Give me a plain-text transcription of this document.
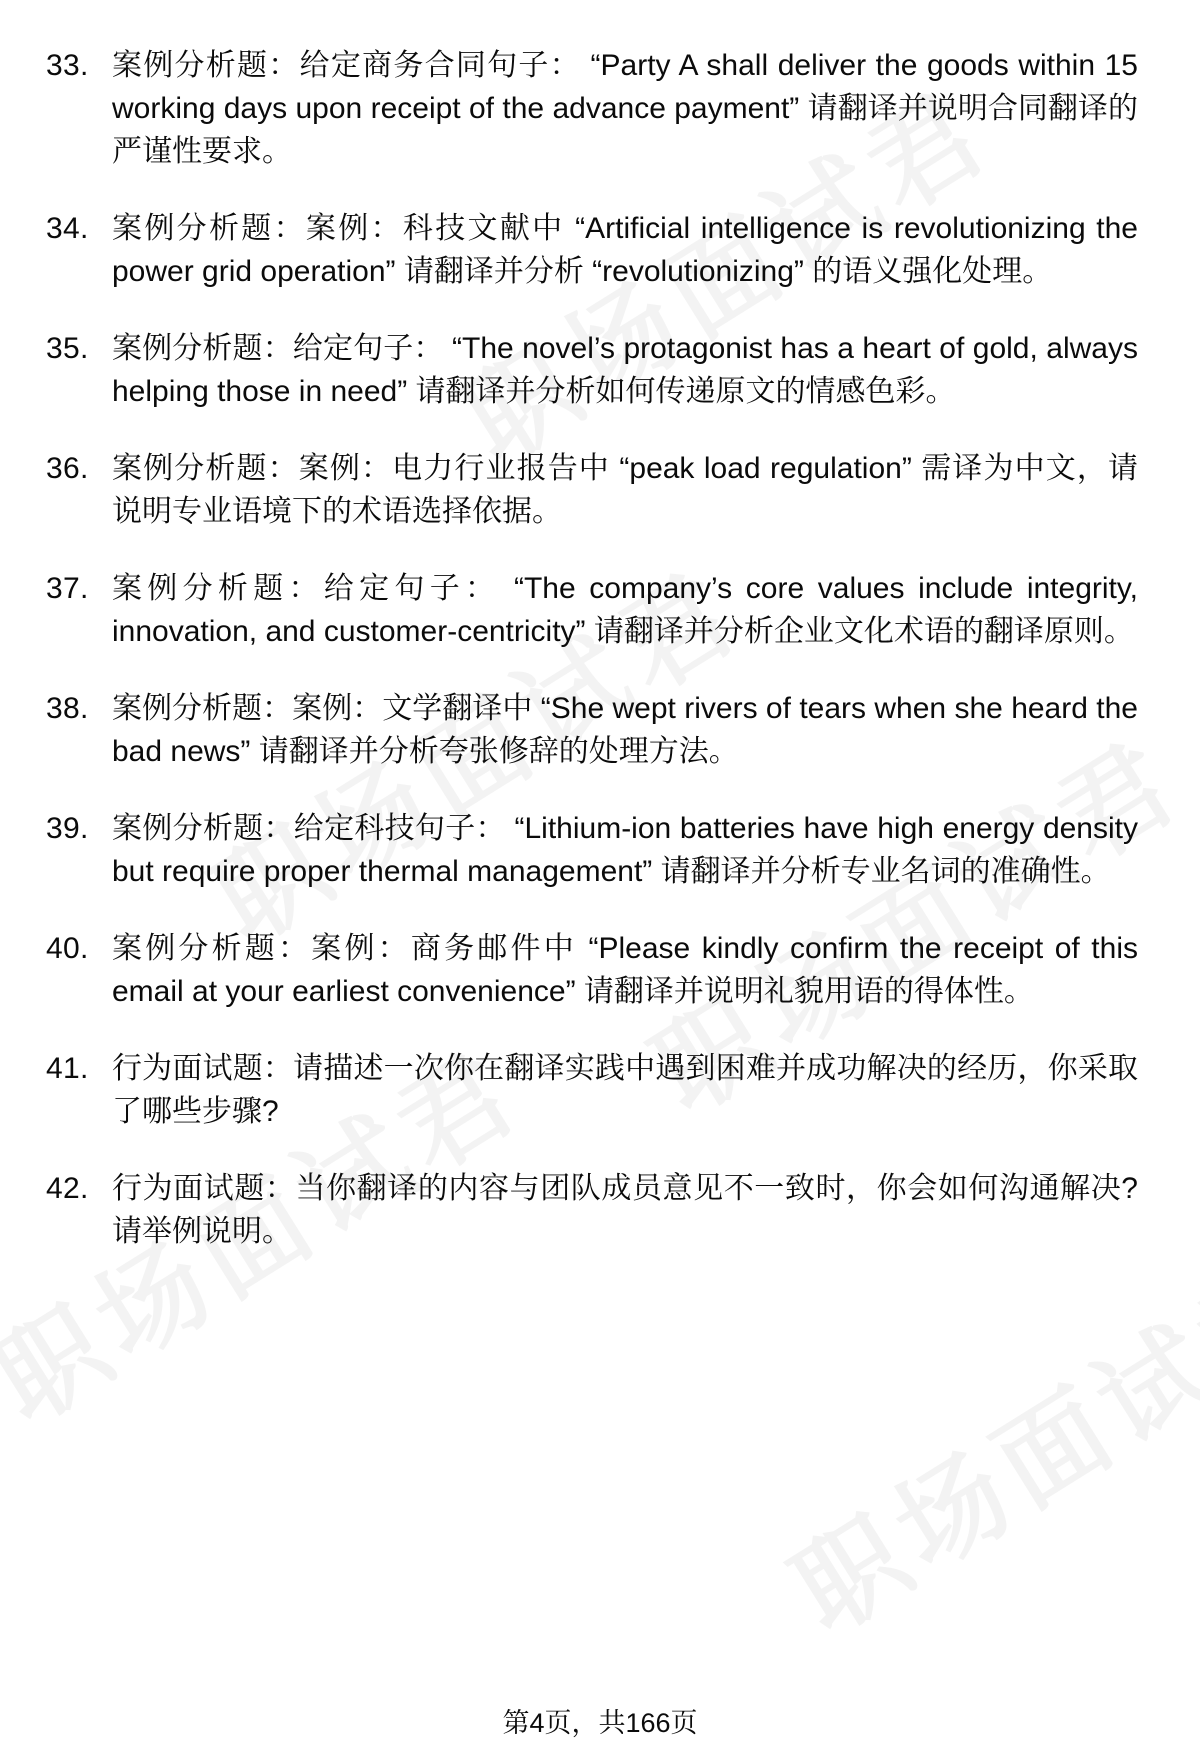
33. 案例分析题：给定商务合同句子： “Party A shall deliver the goods within 15 working days upon receipt of the advance payment” 请翻译并说明合同翻译的严谨性要求。
34. 案例分析题：案例：科技文献中 “Artificial intelligence is revolutionizing the power grid operation” 请翻译并分析 “revolutionizing” 的语义强化处理。
35. 案例分析题：给定句子： “The novel’s protagonist has a heart of gold, always helping those in need” 请翻译并分析如何传递原文的情感色彩。
36. 案例分析题：案例：电力行业报告中 “peak load regulation” 需译为中文，请说明专业语境下的术语选择依据。
37. 案例分析题：给定句子： “The company’s core values include integrity, innovation, and customer-centricity” 请翻译并分析企业文化术语的翻译原则。
38. 案例分析题：案例：文学翻译中 “She wept rivers of tears when she heard the bad news” 请翻译并分析夸张修辞的处理方法。
39. 案例分析题：给定科技句子： “Lithium-ion batteries have high energy density but require proper thermal management” 请翻译并分析专业名词的准确性。
40. 案例分析题：案例：商务邮件中 “Please kindly confirm the receipt of this email at your earliest convenience” 请翻译并说明礼貌用语的得体性。
41. 行为面试题：请描述一次你在翻译实践中遇到困难并成功解决的经历，你采取了哪些步骤?
42. 行为面试题：当你翻译的内容与团队成员意见不一致时，你会如何沟通解决? 请举例说明。
第4页，共166页
